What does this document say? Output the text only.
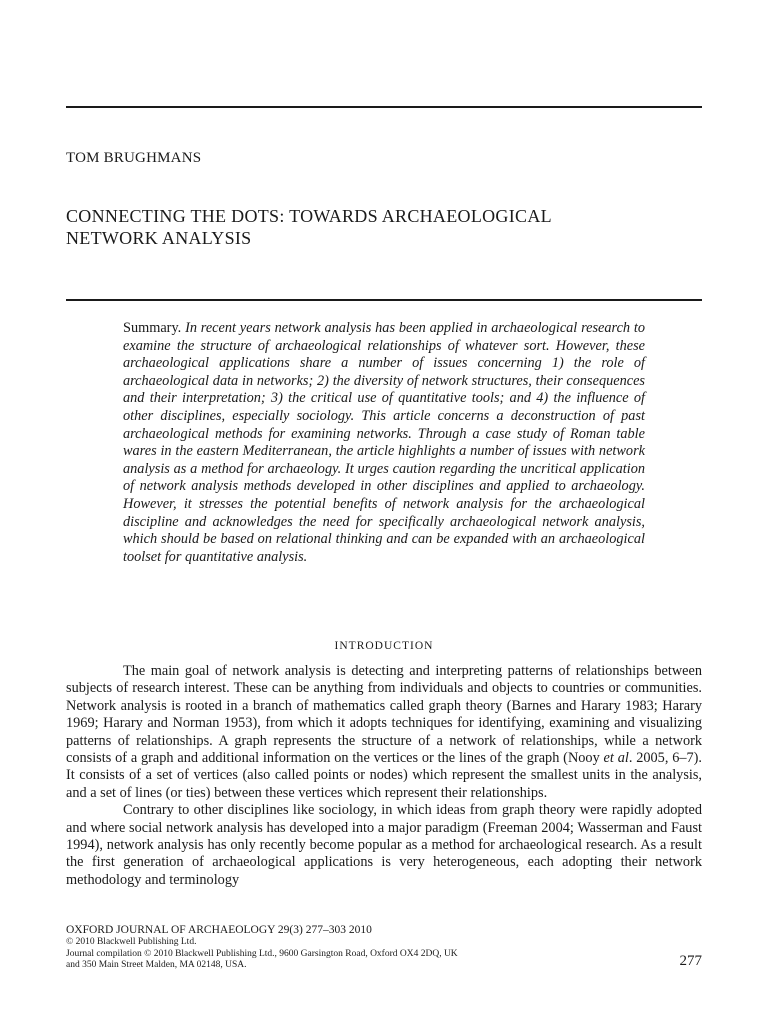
TOM BRUGHMANS
CONNECTING THE DOTS: TOWARDS ARCHAEOLOGICAL
NETWORK ANALYSIS
Summary. In recent years network analysis has been applied in archaeological research to examine the structure of archaeological relationships of whatever sort. However, these archaeological applications share a number of issues concerning 1) the role of archaeological data in networks; 2) the diversity of network structures, their consequences and their interpretation; 3) the critical use of quantitative tools; and 4) the influence of other disciplines, especially sociology. This article concerns a deconstruction of past archaeological methods for examining networks. Through a case study of Roman table wares in the eastern Mediterranean, the article highlights a number of issues with network analysis as a method for archaeology. It urges caution regarding the uncritical application of network analysis methods developed in other disciplines and applied to archaeology. However, it stresses the potential benefits of network analysis for the archaeological discipline and acknowledges the need for specifically archaeological network analysis, which should be based on relational thinking and can be expanded with an archaeological toolset for quantitative analysis.
INTRODUCTION

The main goal of network analysis is detecting and interpreting patterns of relationships between subjects of research interest. These can be anything from individuals and objects to countries or communities. Network analysis is rooted in a branch of mathematics called graph theory (Barnes and Harary 1983; Harary 1969; Harary and Norman 1953), from which it adopts techniques for identifying, examining and visualizing patterns of relationships. A graph represents the structure of a network of relationships, while a network consists of a graph and additional information on the vertices or the lines of the graph (Nooy et al. 2005, 6–7). It consists of a set of vertices (also called points or nodes) which represent the smallest units in the analysis, and a set of lines (or ties) between these vertices which represent their relationships.

Contrary to other disciplines like sociology, in which ideas from graph theory were rapidly adopted and where social network analysis has developed into a major paradigm (Freeman 2004; Wasserman and Faust 1994), network analysis has only recently become popular as a method for archaeological research. As a result the first generation of archaeological applications is very heterogeneous, each adopting their network methodology and terminology

OXFORD JOURNAL OF ARCHAEOLOGY 29(3) 277–303 2010
© 2010 Blackwell Publishing Ltd.
Journal compilation © 2010 Blackwell Publishing Ltd., 9600 Garsington Road, Oxford OX4 2DQ, UK
and 350 Main Street Malden, MA 02148, USA.	277
